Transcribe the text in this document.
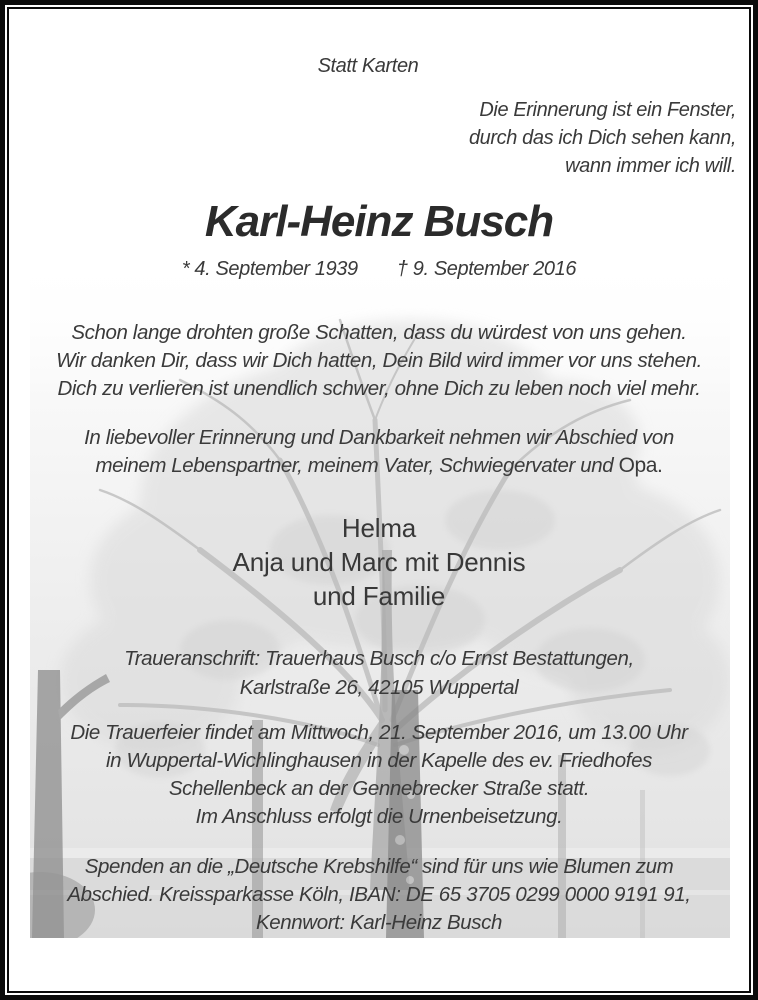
Statt Karten
Die Erinnerung ist ein Fenster,
durch das ich Dich sehen kann,
wann immer ich will.
Karl-Heinz Busch
* 4. September 1939 † 9. September 2016
Schon lange drohten große Schatten, dass du würdest von uns gehen.
Wir danken Dir, dass wir Dich hatten, Dein Bild wird immer vor uns stehen.
Dich zu verlieren ist unendlich schwer, ohne Dich zu leben noch viel mehr.
In liebevoller Erinnerung und Dankbarkeit nehmen wir Abschied von
meinem Lebenspartner, meinem Vater, Schwiegervater und Opa.
Helma
Anja und Marc mit Dennis
und Familie
Traueranschrift: Trauerhaus Busch c/o Ernst Bestattungen,
Karlstraße 26, 42105 Wuppertal
Die Trauerfeier findet am Mittwoch, 21. September 2016, um 13.00 Uhr
in Wuppertal-Wichlinghausen in der Kapelle des ev. Friedhofes
Schellenbeck an der Gennebrecker Straße statt.
Im Anschluss erfolgt die Urnenbeisetzung.
Spenden an die „Deutsche Krebshilfe“ sind für uns wie Blumen zum
Abschied. Kreissparkasse Köln, IBAN: DE 65 3705 0299 0000 9191 91,
Kennwort: Karl-Heinz Busch
